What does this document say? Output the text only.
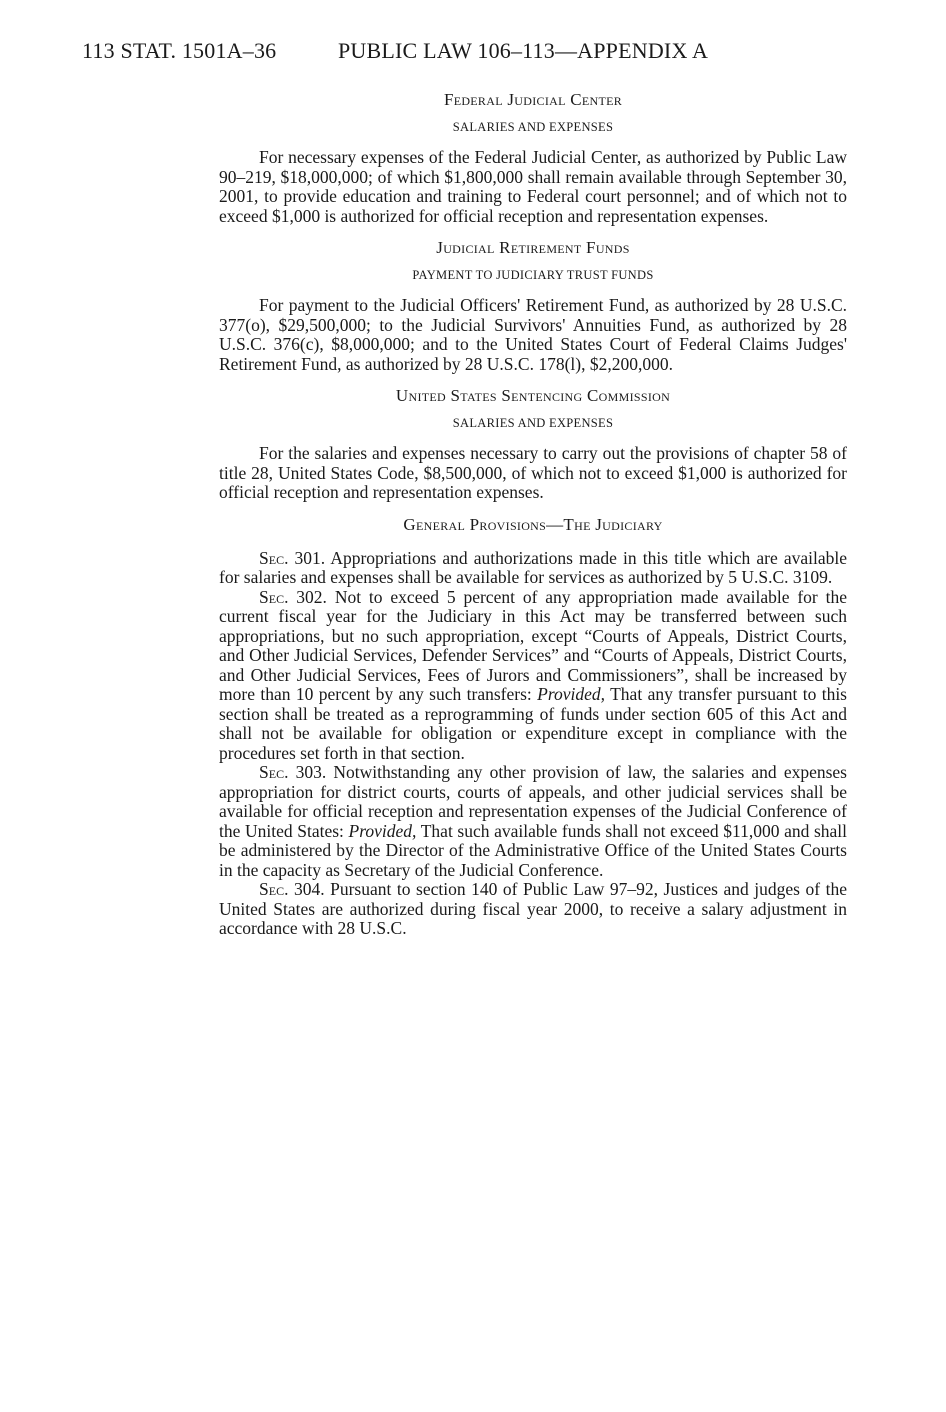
113 STAT. 1501A–36	PUBLIC LAW 106–113—APPENDIX A
Federal Judicial Center
SALARIES AND EXPENSES

For necessary expenses of the Federal Judicial Center, as authorized by Public Law 90–219, $18,000,000; of which $1,800,000 shall remain available through September 30, 2001, to provide education and training to Federal court personnel; and of which not to exceed $1,000 is authorized for official reception and representation expenses.

Judicial Retirement Funds
PAYMENT TO JUDICIARY TRUST FUNDS

For payment to the Judicial Officers' Retirement Fund, as authorized by 28 U.S.C. 377(o), $29,500,000; to the Judicial Survivors' Annuities Fund, as authorized by 28 U.S.C. 376(c), $8,000,000; and to the United States Court of Federal Claims Judges' Retirement Fund, as authorized by 28 U.S.C. 178(l), $2,200,000.

United States Sentencing Commission
SALARIES AND EXPENSES

For the salaries and expenses necessary to carry out the provisions of chapter 58 of title 28, United States Code, $8,500,000, of which not to exceed $1,000 is authorized for official reception and representation expenses.

General Provisions—The Judiciary

Sec. 301. Appropriations and authorizations made in this title which are available for salaries and expenses shall be available for services as authorized by 5 U.S.C. 3109.

Sec. 302. Not to exceed 5 percent of any appropriation made available for the current fiscal year for the Judiciary in this Act may be transferred between such appropriations, but no such appropriation, except “Courts of Appeals, District Courts, and Other Judicial Services, Defender Services” and “Courts of Appeals, District Courts, and Other Judicial Services, Fees of Jurors and Commissioners”, shall be increased by more than 10 percent by any such transfers: Provided, That any transfer pursuant to this section shall be treated as a reprogramming of funds under section 605 of this Act and shall not be available for obligation or expenditure except in compliance with the procedures set forth in that section.

Sec. 303. Notwithstanding any other provision of law, the salaries and expenses appropriation for district courts, courts of appeals, and other judicial services shall be available for official reception and representation expenses of the Judicial Conference of the United States: Provided, That such available funds shall not exceed $11,000 and shall be administered by the Director of the Administrative Office of the United States Courts in the capacity as Secretary of the Judicial Conference.

Sec. 304. Pursuant to section 140 of Public Law 97–92, Justices and judges of the United States are authorized during fiscal year 2000, to receive a salary adjustment in accordance with 28 U.S.C.
